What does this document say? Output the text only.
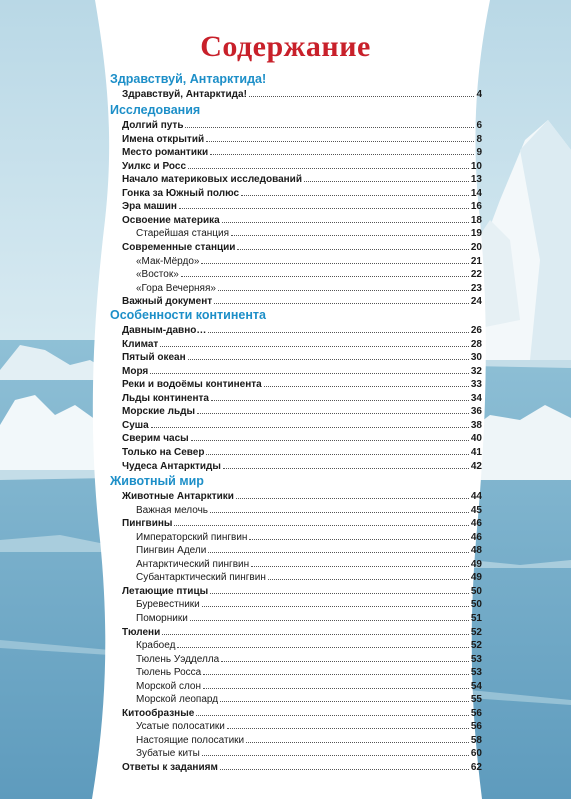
Содержание
Здравствуй, Антарктида!
Здравствуй, Антарктида!	4
Исследования
Долгий путь	6
Имена открытий	8
Место романтики	9
Уилкс и Росс	10
Начало материковых исследований	13
Гонка за Южный полюс	14
Эра машин	16
Освоение материка	18
Старейшая станция	19
Современные станции	20
«Мак-Мёрдо»	21
«Восток»	22
«Гора Вечерняя»	23
Важный документ	24
Особенности континента
Давным-давно…	26
Климат	28
Пятый океан	30
Моря	32
Реки и водоёмы континента	33
Льды континента	34
Морские льды	36
Суша	38
Сверим часы	40
Только на Север	41
Чудеса Антарктиды	42
Животный мир
Животные Антарктики	44
Важная мелочь	45
Пингвины	46
Императорский пингвин	46
Пингвин Адели	48
Антарктический пингвин	49
Субантарктический пингвин	49
Летающие птицы	50
Буревестники	50
Поморники	51
Тюлени	52
Крабоед	52
Тюлень Уэдделла	53
Тюлень Росса	53
Морской слон	54
Морской леопард	55
Китообразные	56
Усатые полосатики	56
Настоящие полосатики	58
Зубатые киты	60
Ответы к заданиям	62
